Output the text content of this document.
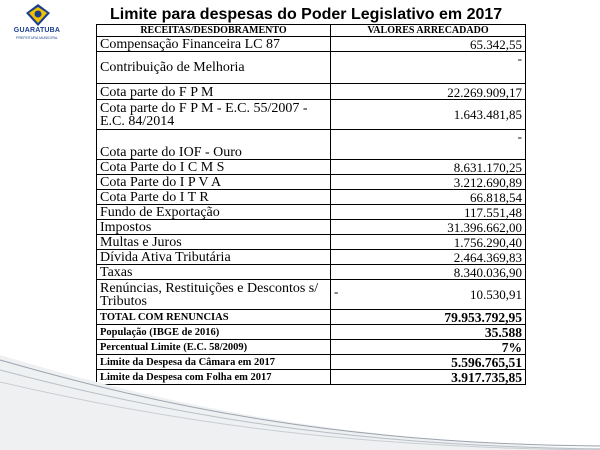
GUARATUBA
PREFEITURA MUNICIPAL
Limite para despesas do Poder Legislativo em 2017
RECEITAS/DESDOBRAMENTO	VALORES ARRECADADO
Compensação Financeira LC 87	65.342,55
Contribuição de Melhoria	-
Cota parte do F P M	22.269.909,17
Cota parte do F P M - E.C. 55/2007 - E.C. 84/2014	1.643.481,85
Cota parte do IOF - Ouro	-
Cota Parte do I C M S	8.631.170,25
Cota Parte do I P V A	3.212.690,89
Cota Parte do I T R	66.818,54
Fundo de Exportação	117.551,48
Impostos	31.396.662,00
Multas e Juros	1.756.290,40
Dívida Ativa Tributária	2.464.369,83
Taxas	8.340.036,90
Renúncias, Restituições e Descontos s/ Tributos	- 10.530,91
TOTAL COM RENUNCIAS	79.953.792,95
População (IBGE de 2016)	35.588
Percentual Limite (E.C. 58/2009)	7%
Limite da Despesa da Câmara em 2017	5.596.765,51
Limite da Despesa com Folha em 2017	3.917.735,85
